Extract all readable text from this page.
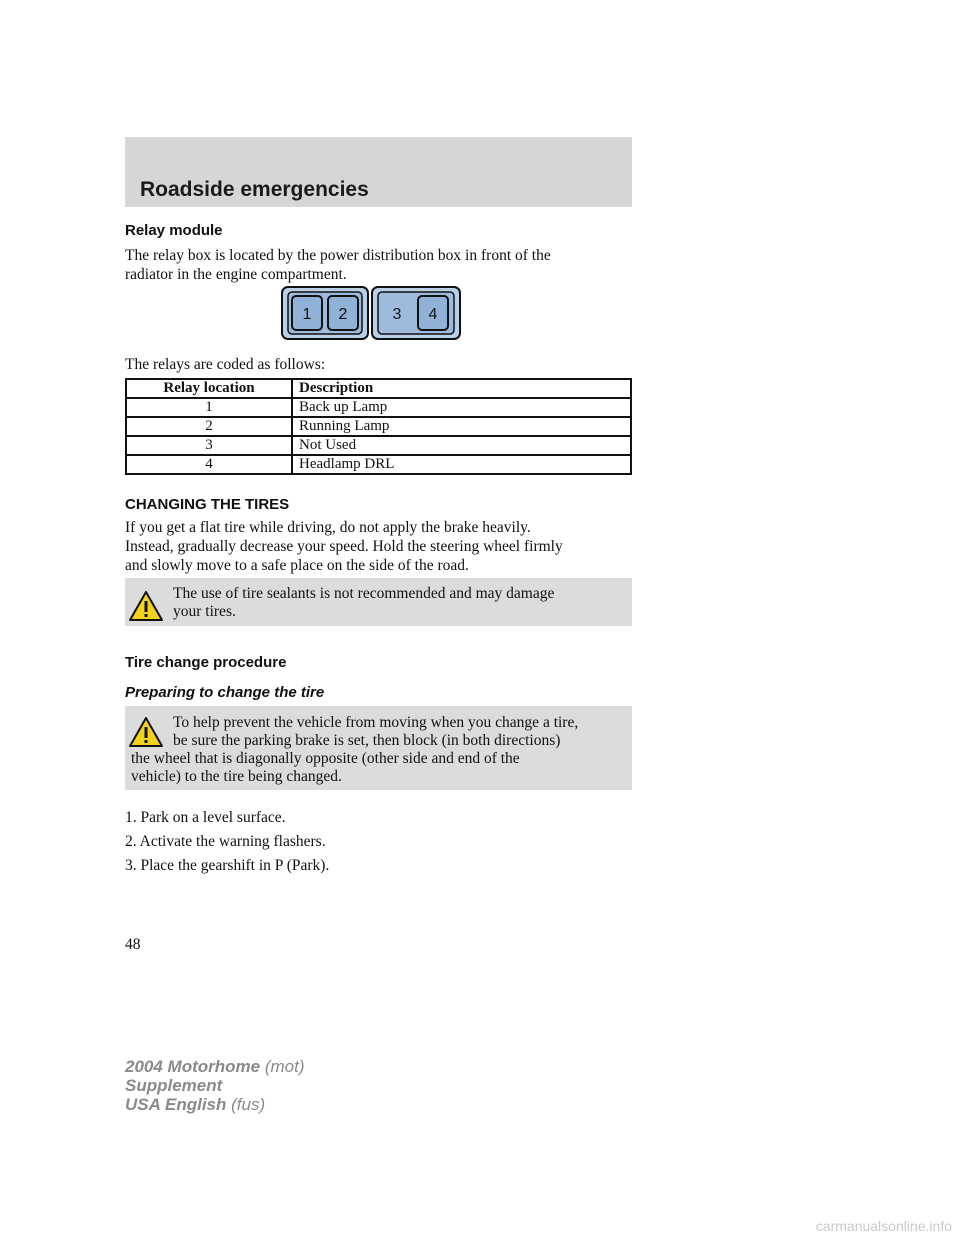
Roadside emergencies
Relay module
The relay box is located by the power distribution box in front of the
radiator in the engine compartment.
1 2	3 4
The relays are coded as follows:
Relay location	Description
1	Back up Lamp
2	Running Lamp
3	Not Used
4	Headlamp DRL
CHANGING THE TIRES
If you get a flat tire while driving, do not apply the brake heavily.
Instead, gradually decrease your speed. Hold the steering wheel firmly
and slowly move to a safe place on the side of the road.
The use of tire sealants is not recommended and may damage
your tires.
Tire change procedure
Preparing to change the tire
To help prevent the vehicle from moving when you change a tire,
be sure the parking brake is set, then block (in both directions)
the wheel that is diagonally opposite (other side and end of the
vehicle) to the tire being changed.
1. Park on a level surface.
2. Activate the warning flashers.
3. Place the gearshift in P (Park).
48
2004 Motorhome (mot)
Supplement
USA English (fus)
carmanualsonline.info
